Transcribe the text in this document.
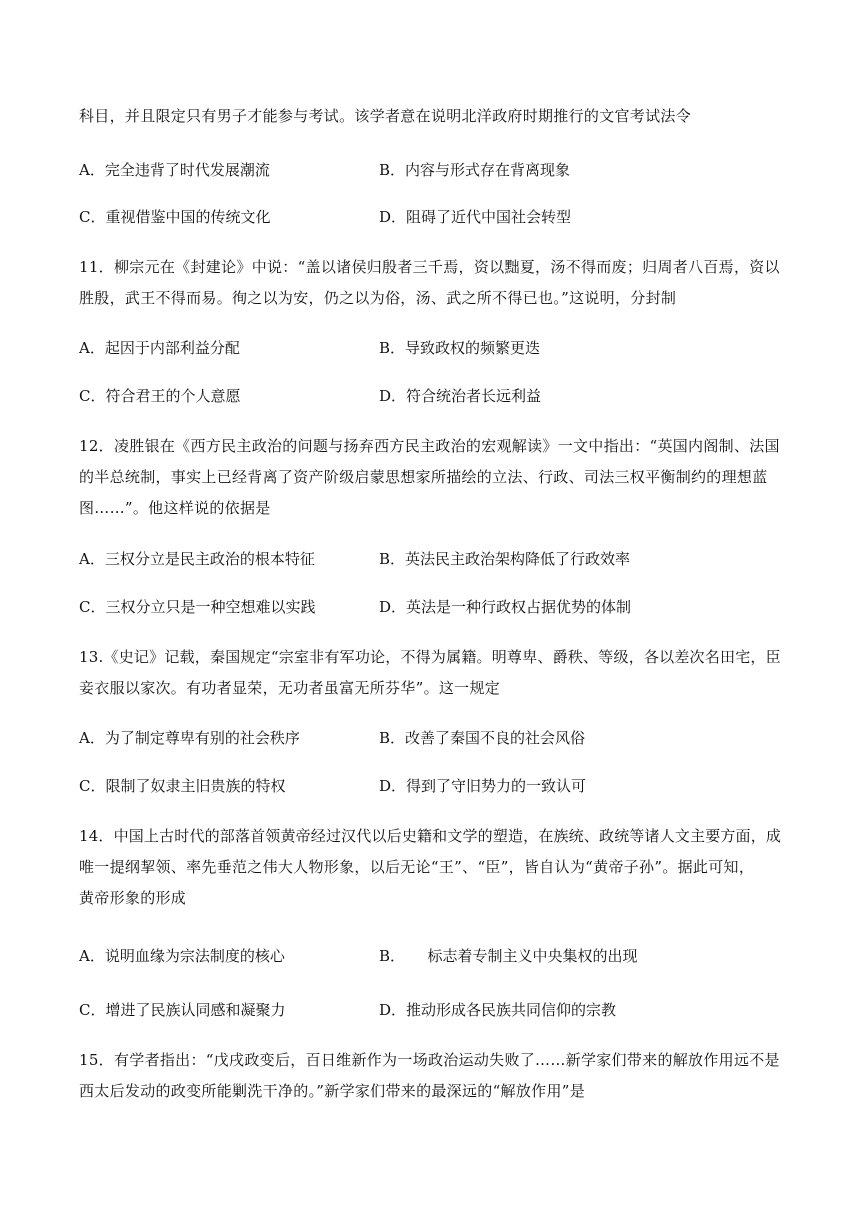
科目，并且限定只有男子才能参与考试。该学者意在说明北洋政府时期推行的文官考试法令
A．完全违背了时代发展潮流	B．内容与形式存在背离现象
C．重视借鉴中国的传统文化	D．阻碍了近代中国社会转型
11．柳宗元在《封建论》中说：“盖以诸侯归殷者三千焉，资以黜夏，汤不得而废；归周者八百焉，资以
胜殷，武王不得而易。徇之以为安，仍之以为俗，汤、武之所不得已也。”这说明，分封制
A．起因于内部利益分配	B．导致政权的频繁更迭
C．符合君王的个人意愿	D．符合统治者长远利益
12．凌胜银在《西方民主政治的问题与扬弃西方民主政治的宏观解读》一文中指出：“英国内阁制、法国
的半总统制，事实上已经背离了资产阶级启蒙思想家所描绘的立法、行政、司法三权平衡制约的理想蓝
图……”。他这样说的依据是
A．三权分立是民主政治的根本特征	B．英法民主政治架构降低了行政效率
C．三权分立只是一种空想难以实践	D．英法是一种行政权占据优势的体制
13.《史记》记载，秦国规定“宗室非有军功论，不得为属籍。明尊卑、爵秩、等级，各以差次名田宅，臣
妾衣服以家次。有功者显荣，无功者虽富无所芬华”。这一规定
A．为了制定尊卑有别的社会秩序	B．改善了秦国不良的社会风俗
C．限制了奴隶主旧贵族的特权	D．得到了守旧势力的一致认可
14．中国上古时代的部落首领黄帝经过汉代以后史籍和文学的塑造，在族统、政统等诸人文主要方面，成
唯一提纲挈领、率先垂范之伟大人物形象，以后无论“王”、“臣”，皆自认为“黄帝子孙”。据此可知，
黄帝形象的形成
A．说明血缘为宗法制度的核心	B．　　标志着专制主义中央集权的出现
C．增进了民族认同感和凝聚力	D．推动形成各民族共同信仰的宗教
15．有学者指出：“戊戌政变后，百日维新作为一场政治运动失败了……新学家们带来的解放作用远不是
西太后发动的政变所能剿洗干净的。”新学家们带来的最深远的“解放作用”是
